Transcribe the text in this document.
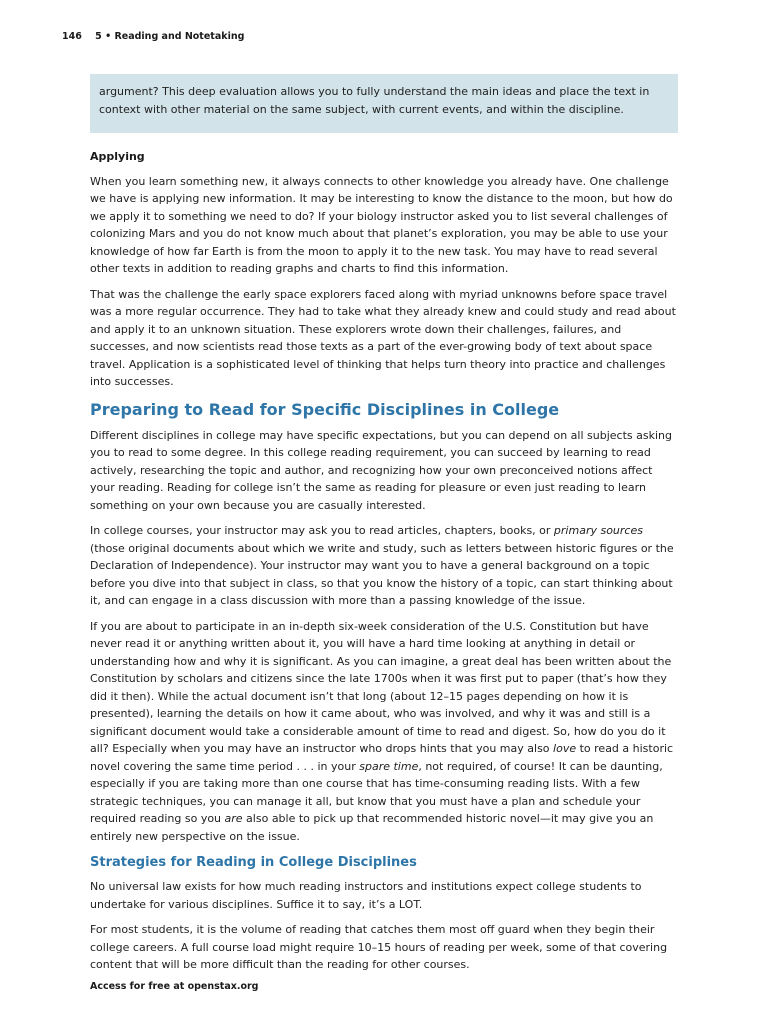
146 5 • Reading and Notetaking
argument? This deep evaluation allows you to fully understand the main ideas and place the text in context with other material on the same subject, with current events, and within the discipline.
Applying

When you learn something new, it always connects to other knowledge you already have. One challenge we have is applying new information. It may be interesting to know the distance to the moon, but how do we apply it to something we need to do? If your biology instructor asked you to list several challenges of colonizing Mars and you do not know much about that planet’s exploration, you may be able to use your knowledge of how far Earth is from the moon to apply it to the new task. You may have to read several other texts in addition to reading graphs and charts to find this information.

That was the challenge the early space explorers faced along with myriad unknowns before space travel was a more regular occurrence. They had to take what they already knew and could study and read about and apply it to an unknown situation. These explorers wrote down their challenges, failures, and successes, and now scientists read those texts as a part of the ever-growing body of text about space travel. Application is a sophisticated level of thinking that helps turn theory into practice and challenges into successes.

Preparing to Read for Specific Disciplines in College

Different disciplines in college may have specific expectations, but you can depend on all subjects asking you to read to some degree. In this college reading requirement, you can succeed by learning to read actively, researching the topic and author, and recognizing how your own preconceived notions affect your reading. Reading for college isn’t the same as reading for pleasure or even just reading to learn something on your own because you are casually interested.

In college courses, your instructor may ask you to read articles, chapters, books, or primary sources (those original documents about which we write and study, such as letters between historic figures or the Declaration of Independence). Your instructor may want you to have a general background on a topic before you dive into that subject in class, so that you know the history of a topic, can start thinking about it, and can engage in a class discussion with more than a passing knowledge of the issue.

If you are about to participate in an in-depth six-week consideration of the U.S. Constitution but have never read it or anything written about it, you will have a hard time looking at anything in detail or understanding how and why it is significant. As you can imagine, a great deal has been written about the Constitution by scholars and citizens since the late 1700s when it was first put to paper (that’s how they did it then). While the actual document isn’t that long (about 12–15 pages depending on how it is presented), learning the details on how it came about, who was involved, and why it was and still is a significant document would take a considerable amount of time to read and digest. So, how do you do it all? Especially when you may have an instructor who drops hints that you may also love to read a historic novel covering the same time period . . . in your spare time, not required, of course! It can be daunting, especially if you are taking more than one course that has time-consuming reading lists. With a few strategic techniques, you can manage it all, but know that you must have a plan and schedule your required reading so you are also able to pick up that recommended historic novel—it may give you an entirely new perspective on the issue.

Strategies for Reading in College Disciplines

No universal law exists for how much reading instructors and institutions expect college students to undertake for various disciplines. Suffice it to say, it’s a LOT.

For most students, it is the volume of reading that catches them most off guard when they begin their college careers. A full course load might require 10–15 hours of reading per week, some of that covering content that will be more difficult than the reading for other courses.

Access for free at openstax.org
